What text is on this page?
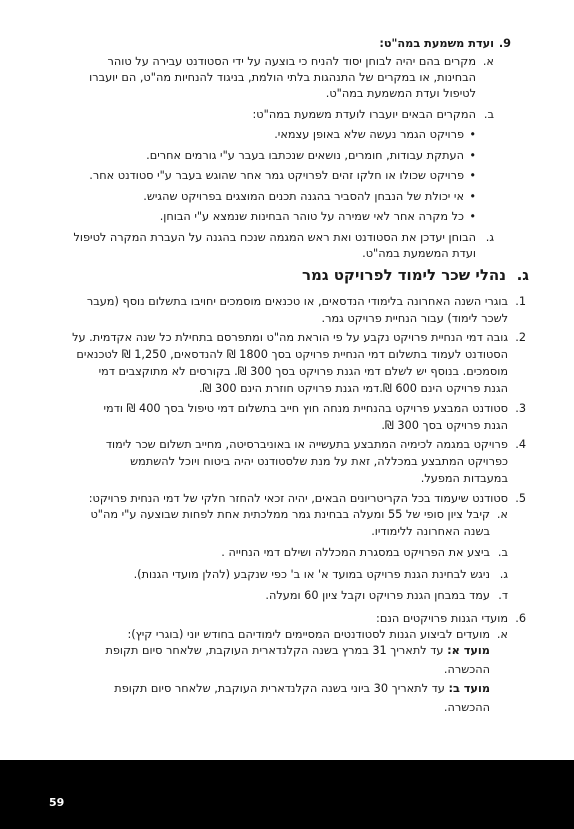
9.
ועדת משמעת במה"ט:
א.
מקרים בהם יהיה לבוחן יסוד להניח כי בוצעה על ידי הסטודנט עבירה על טוהר
הבחינות, או במקרים של התנהגות בלתי הולמת, בניגוד להנחיות מה"ט, הם יועברו
לטיפול ועדת המשמעת במה"ט.
ב.
המקרים הבאים יועברו לועדת משמעת במה"ט:
•
פרויקט הגמר נעשה שלא באופן עצמאי.
•
העתקת עבודות, חומרים, נושאים שנכתבו בעבר ע"י גורמים אחרים.
•
פרויקט שכולו או חלקו זהים לפרויקט גמר אחר שהוגש בעבר ע"י סטודנט אחר.
•
אי יכולת של הנבחן להסביר בהגנה תכנים המוצגים בפרויקט שהגיש.
•
כל מקרה אחר לאי שמירה על טוהר הבחינות שנמצא ע"י הבוחן.
ג.
הבוחן יעדכן את הסטודנט ואת ראש המגמה שנכח בהגנה על העברת המקרה לטיפול
ועדת המשמעת במה"ט.
ג.
נהלי שכר לימוד לפרויקט גמר
1.
בוגרי השנה האחרונה בלימודי הנדסאים, או טכנאים מוסמכים יחויבו בתשלום נוסף (מעבר
לשכר לימוד) עבור הנחיית פרויקט גמר.
2.
גובה דמי הנחיית פרויקט נקבע על פי הוראת מה"ט ומתפרסם בתחילת כל שנה אקדמית. על
הסטודנט לעמוד בתשלום דמי הנחיית פרויקט בסך 1800 ₪ להנדסאים, 1,250 ₪ לטכנאים
מוסמכים. בנוסף יש לשלם דמי הגנת פרויקט בסך 300 ₪. בקורסים לא מתוקצבים דמי
הגנת פרויקט הינם 600 ₪.דמי הגנת פרויקט חוזרת הינם 300 ₪.
3.
סטודנט המבצע פרויקט בהנחיית מנחה חוץ חייב בתשלום דמי טיפול בסך 400 ₪ ודמי
הגנת פרויקט בסך 300 ₪.
4.
פרויקט במגמה לכימיה המתבצע בתעשייה או באוניברסיטה, מחייב תשלום שכר לימוד
כפרויקט המתבצע במכללה, זאת על מנת שלסטודנט יהיה ביטוח ויוכל להשתמש
במעבדות המפעל.
5.
סטודנט שיעמוד בכל הקריטריונים הבאים, יהיה זכאי להחזר חלקי של דמי הנחית פרויקט:
א.
קיבל ציון סופי של 55 ומעלה בבחינת גמר ממלכתית אחת לפחות שבוצעה ע"י מה"ט
בשנה האחרונה ללימודיו.
ב.
ביצע את הפרויקט במסגרת המכללה ושילם דמי הנחייה .
ג.
ניגש לבחינת הגנת פרויקט במועד א' או ב' כפי שנקבע (להלן מועדי הגנות).
ד.
עמד במבחן הגנת פרויקט וקבל ציון 60 ומעלה.
6.
מועדי הגנות פרויקטים הנם:
א.
מועדים לביצוע הגנות לסטודנטים המסיימים לימודיהם בחודש יוני (בוגרי קיץ):
מועד א: עד לתאריך 31 במרץ בשנה הקלנדארית העוקבת, שלאחר סיום תקופת
ההכשרה.
מועד ב: עד לתאריך 30 ביוני בשנה הקלנדארית העוקבת, שלאחר סיום תקופת
ההכשרה.
59
